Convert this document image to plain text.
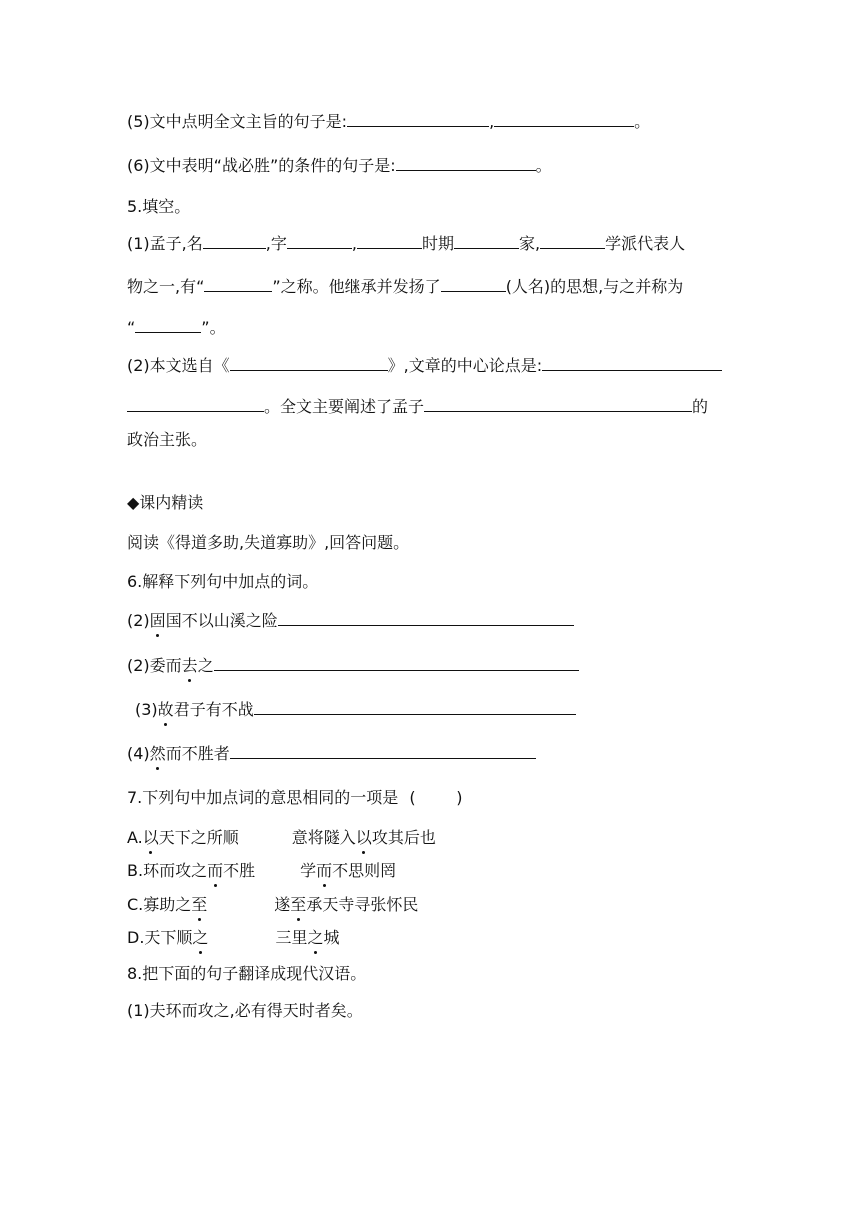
(5)文中点明全文主旨的句子是:	,	。
(6)文中表明“战必胜”的条件的句子是:	。
5.填空。
(1)孟子,名	,字	,	时期	家,	学派代表人
物之一,有“	”之称。他继承并发扬了	(人名)的思想,与之并称为
“	”。
(2)本文选自《	》,文章的中心论点是:
。全文主要阐述了孟子	的
政治主张。
◆课内精读
阅读《得道多助,失道寡助》,回答问题。
6.解释下列句中加点的词。
(2)固国不以山溪之险
(2)委而去之
(3)故君子有不战
(4)然而不胜者
7.下列句中加点词的意思相同的一项是 (        )
A.以天下之所顺	意将隧入以攻其后也
B.环而攻之而不胜	学而不思则罔
C.寡助之至	遂至承天寺寻张怀民
D.天下顺之	三里之城
8.把下面的句子翻译成现代汉语。
(1)夫环而攻之,必有得天时者矣。
